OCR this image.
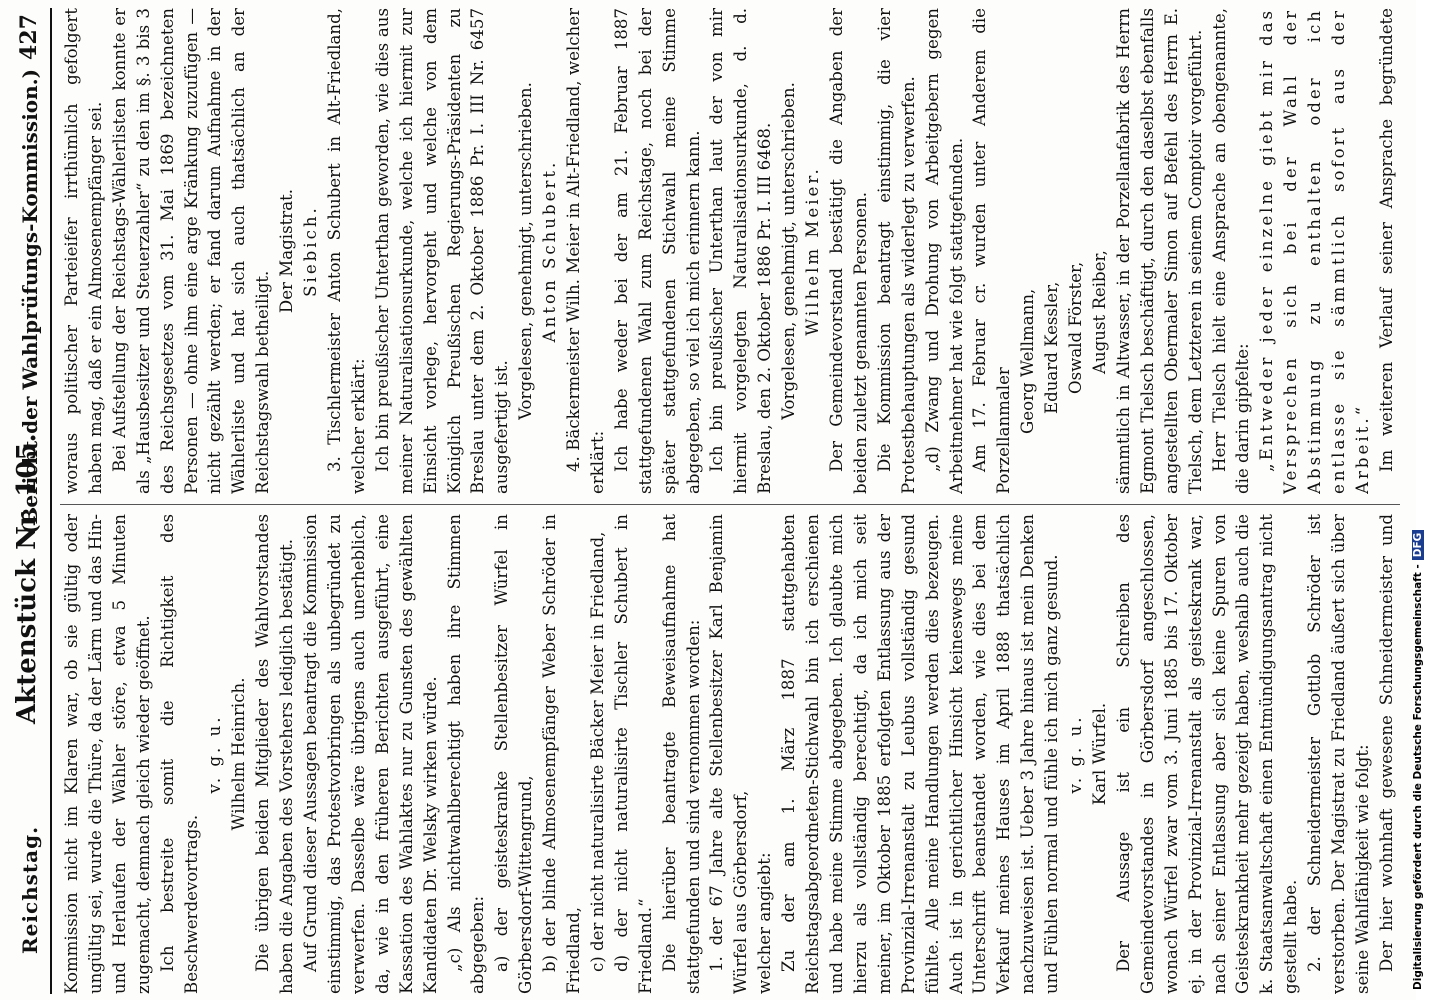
Reichstag.
Aktenstück Nr. 105.
(Bericht der Wahlprüfungs-Kommission.)
427

Kommission nicht im Klaren war, ob sie gültig oder ungültig sei, wurde die Thüre, da der Lärm und das Hin- und Herlaufen der Wähler störe, etwa 5 Minuten zugemacht, demnach gleich wieder geöffnet. Ich bestreite somit die Richtigkeit des Beschwerdevortrags.

v. g. u. Wilhelm Heinrich. Die übrigen beiden Mitglieder des Wahlvorstandes haben die Angaben des Vorstehers lediglich bestätigt. Auf Grund dieser Aussagen beantragt die Kommission einstimmig, das Protestvorbringen als unbegründet zu verwerfen. Dasselbe wäre übrigens auch unerheblich, da, wie in den früheren Berichten ausgeführt, eine Kassation des Wahlaktes nur zu Gunsten des gewählten Kandidaten Dr. Welsky wirken würde. „c) Als nichtwahlberechtigt haben ihre Stimmen abgegeben: a) der geisteskranke Stellenbesitzer Würfel in Görbersdorf-Wittengrund, b) der blinde Almosenempfänger Weber Schröder in Friedland, c) der nicht naturalisirte Bäcker Meier in Friedland, d) der nicht naturalisirte Tischler Schubert in Friedland.“ Die hierüber beantragte Beweisaufnahme hat stattgefunden und sind vernommen worden: 1. der 67 Jahre alte Stellenbesitzer Karl Benjamin Würfel aus Görbersdorf, welcher angiebt: Zu der am 1. März 1887 stattgehabten Reichstagsabgeordneten-Stichwahl bin ich erschienen und habe meine Stimme abgegeben. Ich glaubte mich hierzu als vollständig berechtigt, da ich mich seit meiner, im Oktober 1885 erfolgten Entlassung aus der Provinzial-Irrenanstalt zu Leubus vollständig gesund fühlte. Alle meine Handlungen werden dies bezeugen. Auch ist in gerichtlicher Hinsicht keineswegs meine Unterschrift beanstandet worden, wie dies bei dem Verkauf meines Hauses im April 1888 thatsächlich nachzuweisen ist. Ueber 3 Jahre hinaus ist mein Denken und Fühlen normal und fühle ich mich ganz gesund. v. g. u. Karl Würfel. Der Aussage ist ein Schreiben des Gemeindevorstandes in Görbersdorf angeschlossen, wonach Würfel zwar vom 3. Juni 1885 bis 17. Oktober ej. in der Provinzial-Irrenanstalt als geisteskrank war, nach seiner Entlassung aber sich keine Spuren von Geisteskrankheit mehr gezeigt haben, weshalb auch die k. Staatsanwaltschaft einen Entmündigungsantrag nicht gestellt habe. 2. der Schneidermeister Gottlob Schröder ist verstorben. Der Magistrat zu Friedland äußert sich über seine Wahlfähigkeit wie folgt: Der hier wohnhaft gewesene Schneidermeister und

woraus politischer Parteieifer irrthümlich gefolgert haben mag, daß er ein Almosenempfänger sei. Bei Aufstellung der Reichstags-Wählerlisten konnte er als „Hausbesitzer und Steuerzahler“ zu den im §. 3 bis 3 des Reichsgesetzes vom 31. Mai 1869 bezeichneten Personen — ohne ihm eine arge Kränkung zuzufügen — nicht gezählt werden; er fand darum Aufnahme in der Wählerliste und hat sich auch thatsächlich an der Reichstagswahl betheiligt.

Der Magistrat. Siebich. 3. Tischlermeister Anton Schubert in Alt-Friedland, welcher erklärt: Ich bin preußischer Unterthan geworden, wie dies aus meiner Naturalisationsurkunde, welche ich hiermit zur Einsicht vorlege, hervorgeht und welche von dem Königlich Preußischen Regierungs-Präsidenten zu Breslau unter dem 2. Oktober 1886 Pr. I. III Nr. 6457 ausgefertigt ist.

Vorgelesen, genehmigt, unterschrieben. Anton Schubert. 4. Bäckermeister Wilh. Meier in Alt-Friedland, welcher erklärt: Ich habe weder bei der am 21. Februar 1887 stattgefundenen Wahl zum Reichstage, noch bei der später stattgefundenen Stichwahl meine Stimme abgegeben, so viel ich mich erinnern kann. Ich bin preußischer Unterthan laut der von mir hiermit vorgelegten Naturalisationsurkunde, d. d. Breslau, den 2. Oktober 1886 Pr. I. III 6468. Vorgelesen, genehmigt, unterschrieben. Wilhelm Meier. Der Gemeindevorstand bestätigt die Angaben der beiden zuletzt genannten Personen. Die Kommission beantragt einstimmig, die vier Protestbehauptungen als widerlegt zu verwerfen. „d) Zwang und Drohung von Arbeitgebern gegen Arbeitnehmer hat wie folgt stattgefunden. Am 17. Februar cr. wurden unter Anderem die Porzellanmaler Georg Wellmann, Eduard Kessler, Oswald Förster, August Reiber, sämmtlich in Altwasser, in der Porzellanfabrik des Herrn Egmont Tielsch beschäftigt, durch den daselbst ebenfalls angestellten Obermaler Simon auf Befehl des Herrn E. Tielsch, dem Letzteren in seinem Comptoir vorgeführt. Herr Tielsch hielt eine Ansprache an obengenannte, die darin gipfelte: „Entweder jeder einzelne giebt mir das Versprechen sich bei der Wahl der Abstimmung zu enthalten oder ich entlasse sie sämmtlich sofort aus der Arbeit.“ Im weiteren Verlauf seiner Ansprache begründete

Digitalisierung gefördert durch die Deutsche Forschungsgemeinschaft -DFG
